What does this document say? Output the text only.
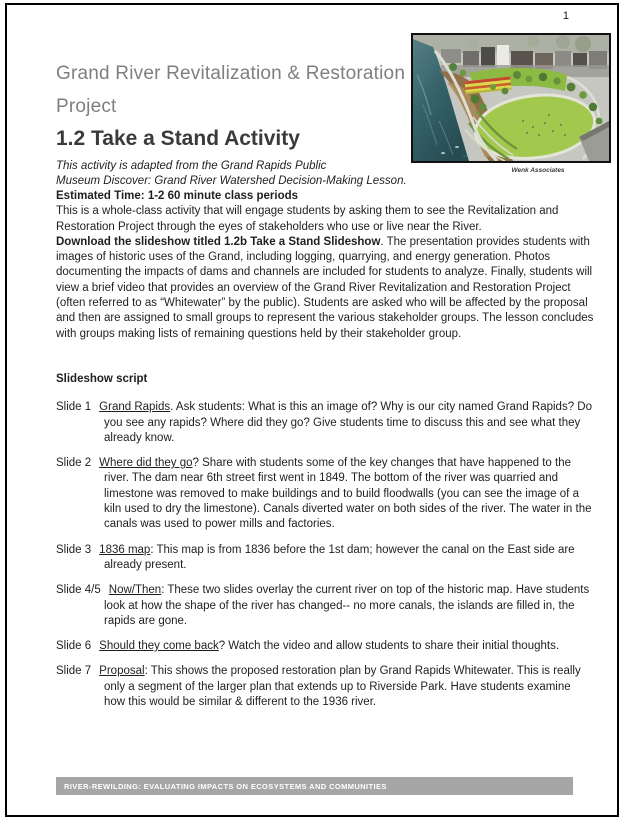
1
Wenk Associates
Grand River Revitalization & Restoration
Project
1.2 Take a Stand Activity
This activity is adapted from the Grand Rapids Public
Museum Discover: Grand River Watershed Decision-Making Lesson.

Estimated Time: 1-2 60 minute class periods

This is a whole-class activity that will engage students by asking them to see the Revitalization and Restoration Project through the eyes of stakeholders who use or live near the River.

Download the slideshow titled 1.2b Take a Stand Slideshow. The presentation provides students with images of historic uses of the Grand, including logging, quarrying, and energy generation. Photos documenting the impacts of dams and channels are included for students to analyze. Finally, students will view a brief video that provides an overview of the Grand River Revitalization and Restoration Project (often referred to as “Whitewater” by the public). Students are asked who will be affected by the proposal and then are assigned to small groups to represent the various stakeholder groups. The lesson concludes with groups making lists of remaining questions held by their stakeholder group.

Slideshow script
Slide 1 Grand Rapids. Ask students: What is this an image of? Why is our city named Grand Rapids? Do you see any rapids? Where did they go? Give students time to discuss this and see what they already know.
Slide 2 Where did they go? Share with students some of the key changes that have happened to the river. The dam near 6th street first went in 1849. The bottom of the river was quarried and limestone was removed to make buildings and to build floodwalls (you can see the image of a kiln used to dry the limestone). Canals diverted water on both sides of the river. The water in the canals was used to power mills and factories.
Slide 3 1836 map: This map is from 1836 before the 1st dam; however the canal on the East side are already present.
Slide 4/5 Now/Then: These two slides overlay the current river on top of the historic map. Have students look at how the shape of the river has changed-- no more canals, the islands are filled in, the rapids are gone.
Slide 6 Should they come back? Watch the video and allow students to share their initial thoughts.
Slide 7 Proposal: This shows the proposed restoration plan by Grand Rapids Whitewater. This is really only a segment of the larger plan that extends up to Riverside Park. Have students examine how this would be similar & different to the 1936 river.
RIVER-REWILDING: EVALUATING IMPACTS ON ECOSYSTEMS AND COMMUNITIES
